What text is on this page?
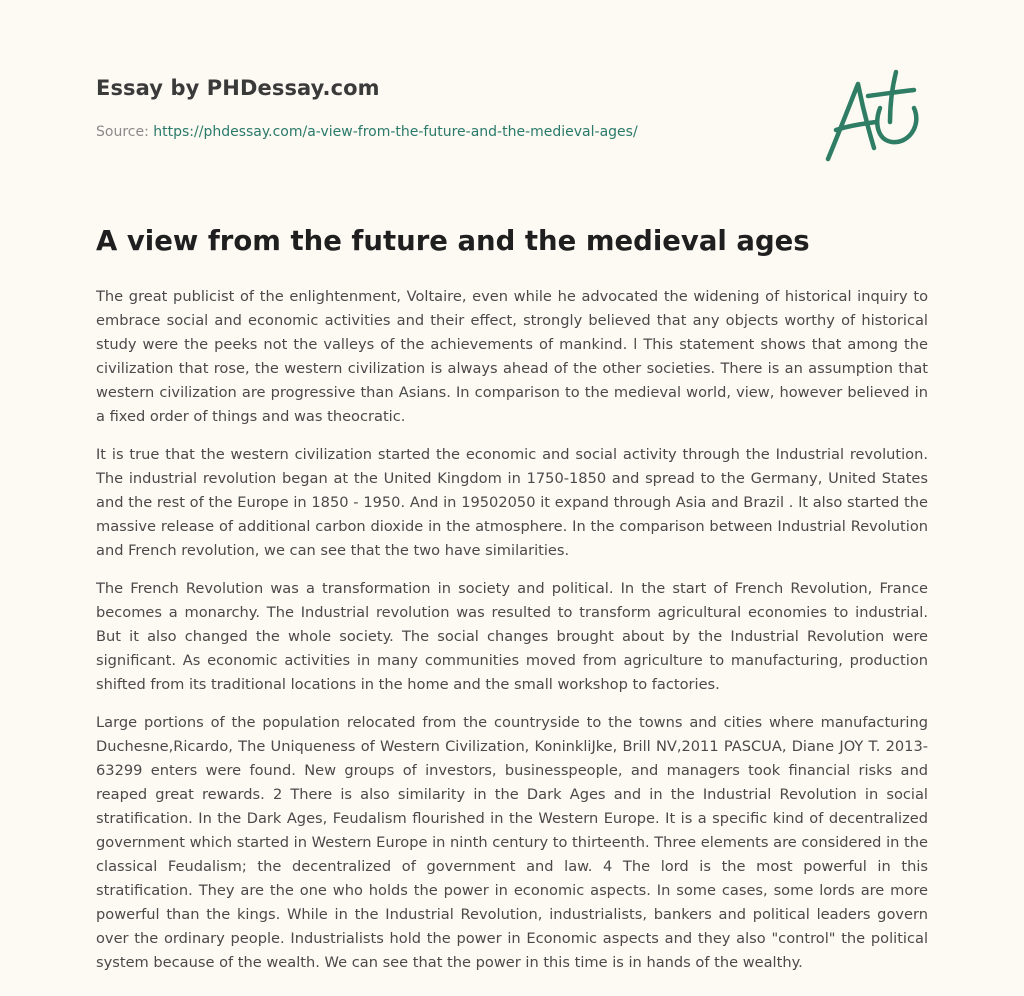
Essay by PHDessay.com
Source: https://phdessay.com/a-view-from-the-future-and-the-medieval-ages/
A view from the future and the medieval ages

The great publicist of the enlightenment, Voltaire, even while he advocated the widening of historical inquiry to embrace social and economic activities and their effect, strongly believed that any objects worthy of historical study were the peeks not the valleys of the achievements of mankind. l This statement shows that among the civilization that rose, the western civilization is always ahead of the other societies. There is an assumption that western civilization are progressive than Asians. In comparison to the medieval world, view, however believed in a fixed order of things and was theocratic.

It is true that the western civilization started the economic and social activity through the Industrial revolution. The industrial revolution began at the United Kingdom in 1750-1850 and spread to the Germany, United States and the rest of the Europe in 1850 - 1950. And in 19502050 it expand through Asia and Brazil . lt also started the massive release of additional carbon dioxide in the atmosphere. In the comparison between Industrial Revolution and French revolution, we can see that the two have similarities.

The French Revolution was a transformation in society and political. In the start of French Revolution, France becomes a monarchy. The Industrial revolution was resulted to transform agricultural economies to industrial. But it also changed the whole society. The social changes brought about by the Industrial Revolution were significant. As economic activities in many communities moved from agriculture to manufacturing, production shifted from its traditional locations in the home and the small workshop to factories.

Large portions of the population relocated from the countryside to the towns and cities where manufacturing Duchesne,Ricardo, The Uniqueness of Western Civilization, KoninkliJke, Brill NV,2011 PASCUA, Diane JOY T. 2013-63299 enters were found. New groups of investors, businesspeople, and managers took financial risks and reaped great rewards. 2 There is also similarity in the Dark Ages and in the Industrial Revolution in social stratification. In the Dark Ages, Feudalism flourished in the Western Europe. It is a specific kind of decentralized government which started in Western Europe in ninth century to thirteenth. Three elements are considered in the classical Feudalism; the decentralized of government and law. 4 The lord is the most powerful in this stratification. They are the one who holds the power in economic aspects. In some cases, some lords are more powerful than the kings. While in the Industrial Revolution, industrialists, bankers and political leaders govern over the ordinary people. Industrialists hold the power in Economic aspects and they also "control" the political system because of the wealth. We can see that the power in this time is in hands of the wealthy.
